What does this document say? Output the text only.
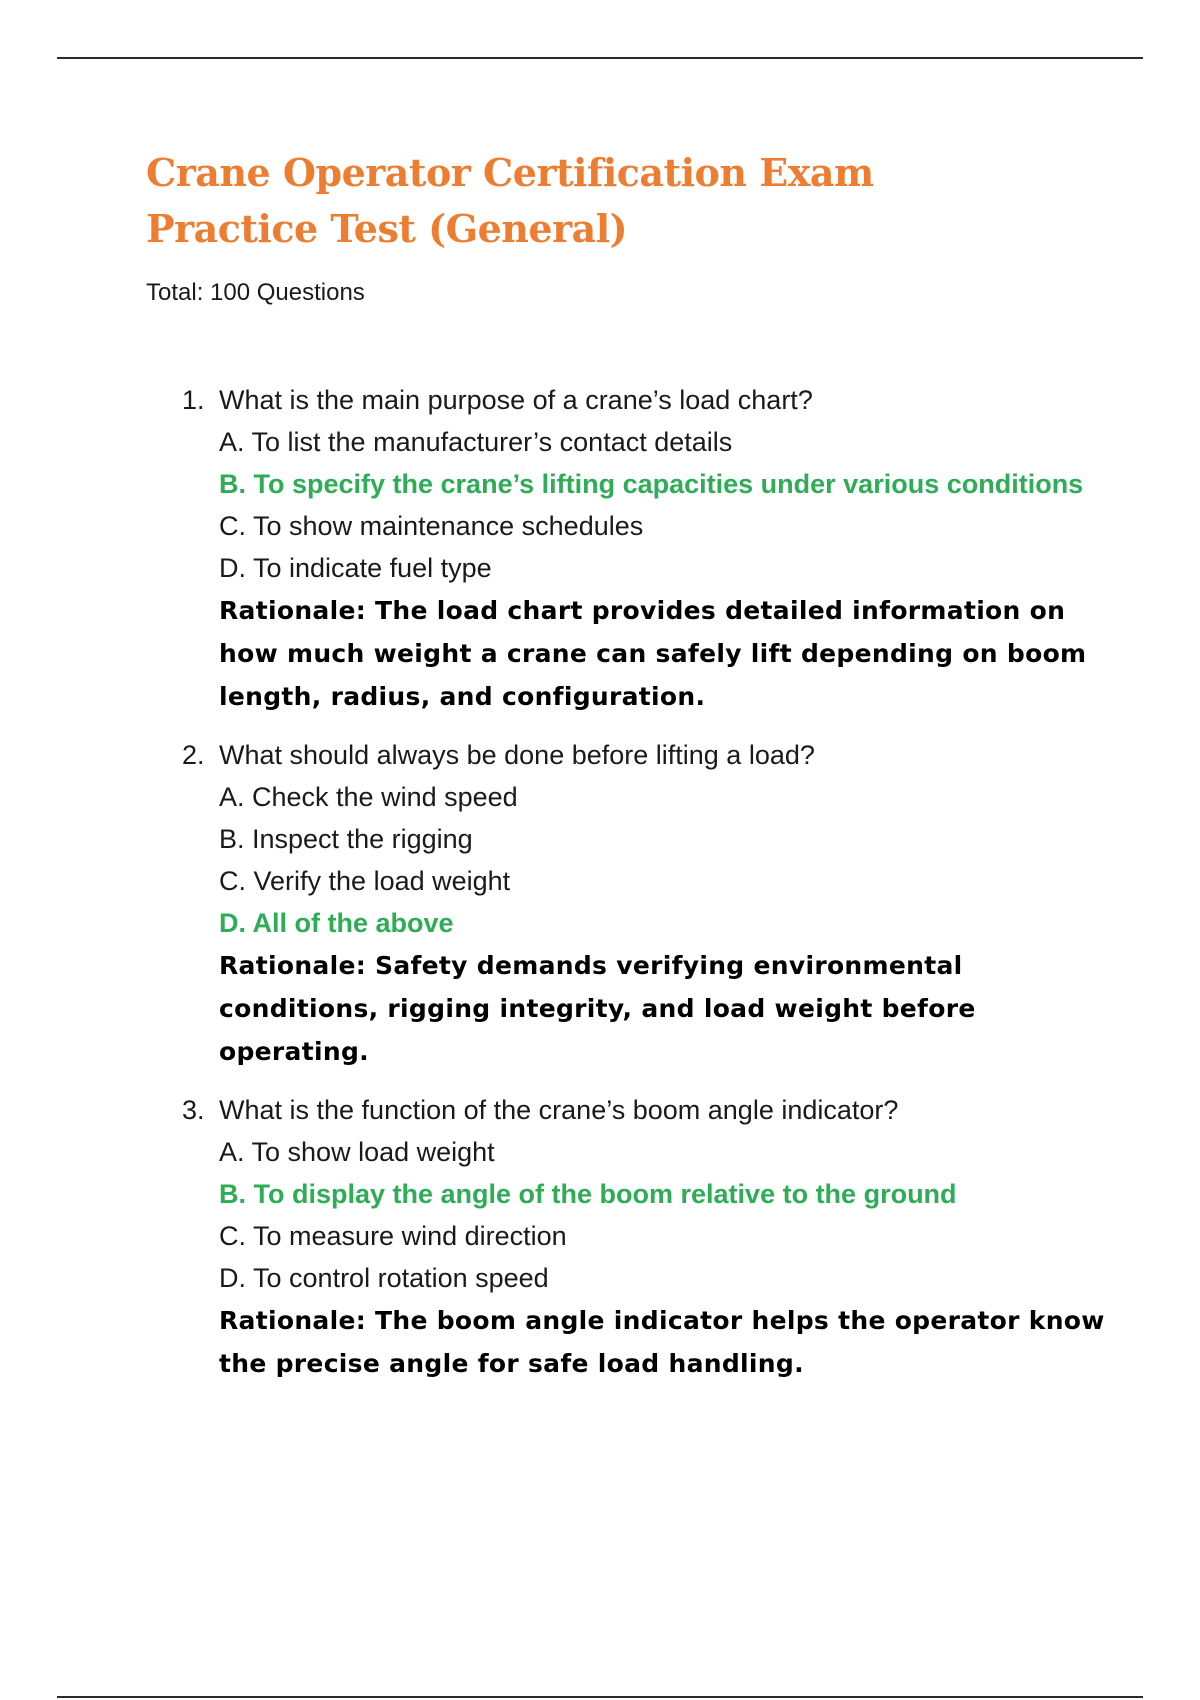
Crane Operator Certification Exam
Practice Test (General)
Total: 100 Questions
1. What is the main purpose of a crane’s load chart?
A. To list the manufacturer’s contact details
B. To specify the crane’s lifting capacities under various conditions
C. To show maintenance schedules
D. To indicate fuel type
Rationale: The load chart provides detailed information on how much weight a crane can safely lift depending on boom length, radius, and configuration.
2. What should always be done before lifting a load?
A. Check the wind speed
B. Inspect the rigging
C. Verify the load weight
D. All of the above
Rationale: Safety demands verifying environmental conditions, rigging integrity, and load weight before operating.
3. What is the function of the crane’s boom angle indicator?
A. To show load weight
B. To display the angle of the boom relative to the ground
C. To measure wind direction
D. To control rotation speed
Rationale: The boom angle indicator helps the operator know the precise angle for safe load handling.
